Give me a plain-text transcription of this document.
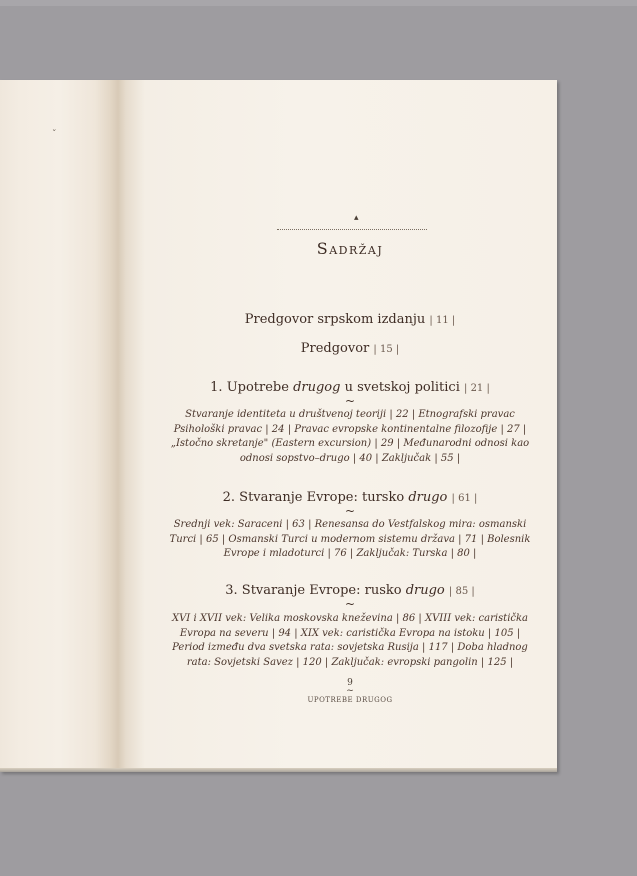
ˇ
▴
Sadržaj
Predgovor srpskom izdanju | 11 |
Predgovor | 15 |
1. Upotrebe drugog u svetskoj politici | 21 |
~
Stvaranje identiteta u društvenoj teoriji | 22 | Etnografski pravac
Psihološki pravac | 24 | Pravac evropske kontinentalne filozofije | 27 |
„Istočno skretanje" (Eastern excursion) | 29 | Međunarodni odnosi kao
odnosi sopstvo–drugo | 40 | Zaključak | 55 |
2. Stvaranje Evrope: tursko drugo | 61 |
~
Srednji vek: Saraceni | 63 | Renesansa do Vestfalskog mira: osmanski
Turci | 65 | Osmanski Turci u modernom sistemu država | 71 | Bolesnik
Evrope i mladoturci | 76 | Zaključak: Turska | 80 |
3. Stvaranje Evrope: rusko drugo | 85 |
~
XVI i XVII vek: Velika moskovska kneževina | 86 | XVIII vek: caristička
Evropa na severu | 94 | XIX vek: caristička Evropa na istoku | 105 |
Period između dva svetska rata: sovjetska Rusija | 117 | Doba hladnog
rata: Sovjetski Savez | 120 | Zaključak: evropski pangolin | 125 |
9
~
UPOTREBE DRUGOG
